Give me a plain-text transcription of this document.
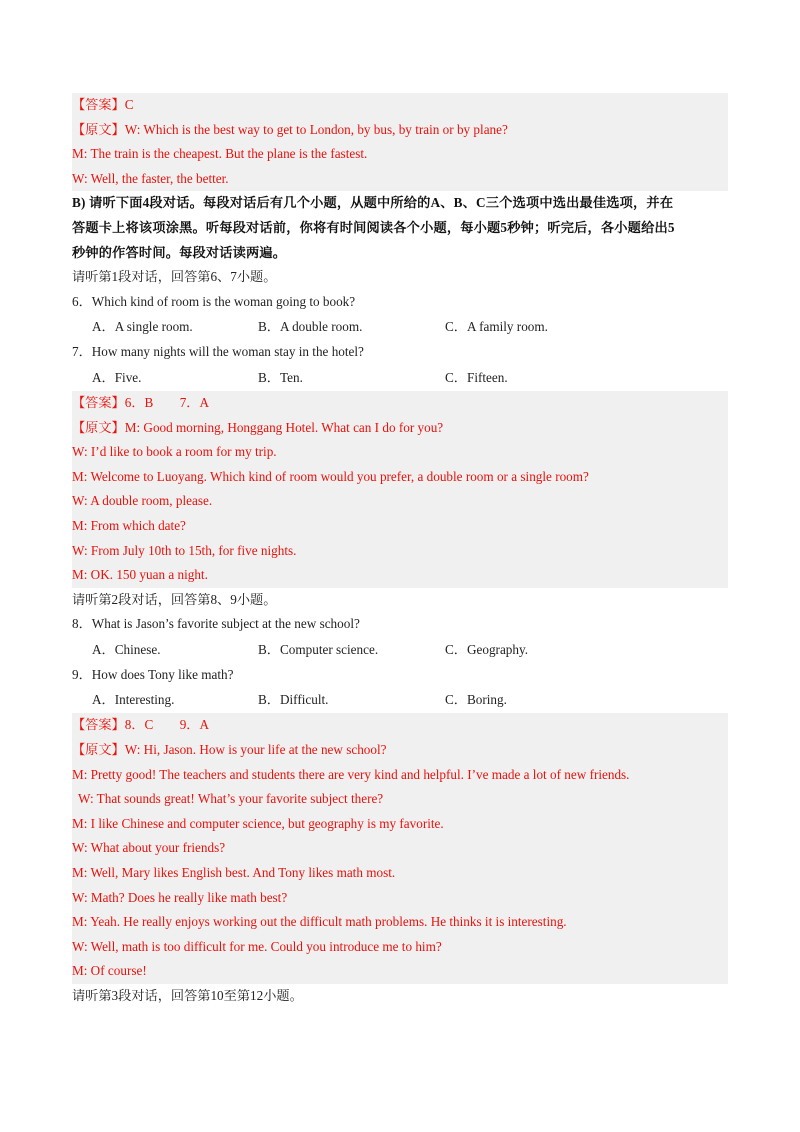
【答案】C
【原文】W: Which is the best way to get to London, by bus, by train or by plane?
M: The train is the cheapest. But the plane is the fastest.
W: Well, the faster, the better.
B) 请听下面4段对话。每段对话后有几个小题，从题中所给的A、B、C三个选项中选出最佳选项，并在
答题卡上将该项涂黑。听每段对话前，你将有时间阅读各个小题，每小题5秒钟；听完后，各小题给出5
秒钟的作答时间。每段对话读两遍。
请听第1段对话，回答第6、7小题。
6．Which kind of room is the woman going to book?
A．A single room.	B．A double room.	C．A family room.
7．How many nights will the woman stay in the hotel?
A．Five.	B．Ten.	C．Fifteen.
【答案】6．B　　7．A
【原文】M: Good morning, Honggang Hotel. What can I do for you?
W: I’d like to book a room for my trip.
M: Welcome to Luoyang. Which kind of room would you prefer, a double room or a single room?
W: A double room, please.
M: From which date?
W: From July 10th to 15th, for five nights.
M: OK. 150 yuan a night.
请听第2段对话，回答第8、9小题。
8．What is Jason’s favorite subject at the new school?
A．Chinese.	B．Computer science.	C．Geography.
9．How does Tony like math?
A．Interesting.	B．Difficult.	C．Boring.
【答案】8．C　　9．A
【原文】W: Hi, Jason. How is your life at the new school?
M: Pretty good! The teachers and students there are very kind and helpful. I’ve made a lot of new friends.
W: That sounds great! What’s your favorite subject there?
M: I like Chinese and computer science, but geography is my favorite.
W: What about your friends?
M: Well, Mary likes English best. And Tony likes math most.
W: Math? Does he really like math best?
M: Yeah. He really enjoys working out the difficult math problems. He thinks it is interesting.
W: Well, math is too difficult for me. Could you introduce me to him?
M: Of course!
请听第3段对话，回答第10至第12小题。
